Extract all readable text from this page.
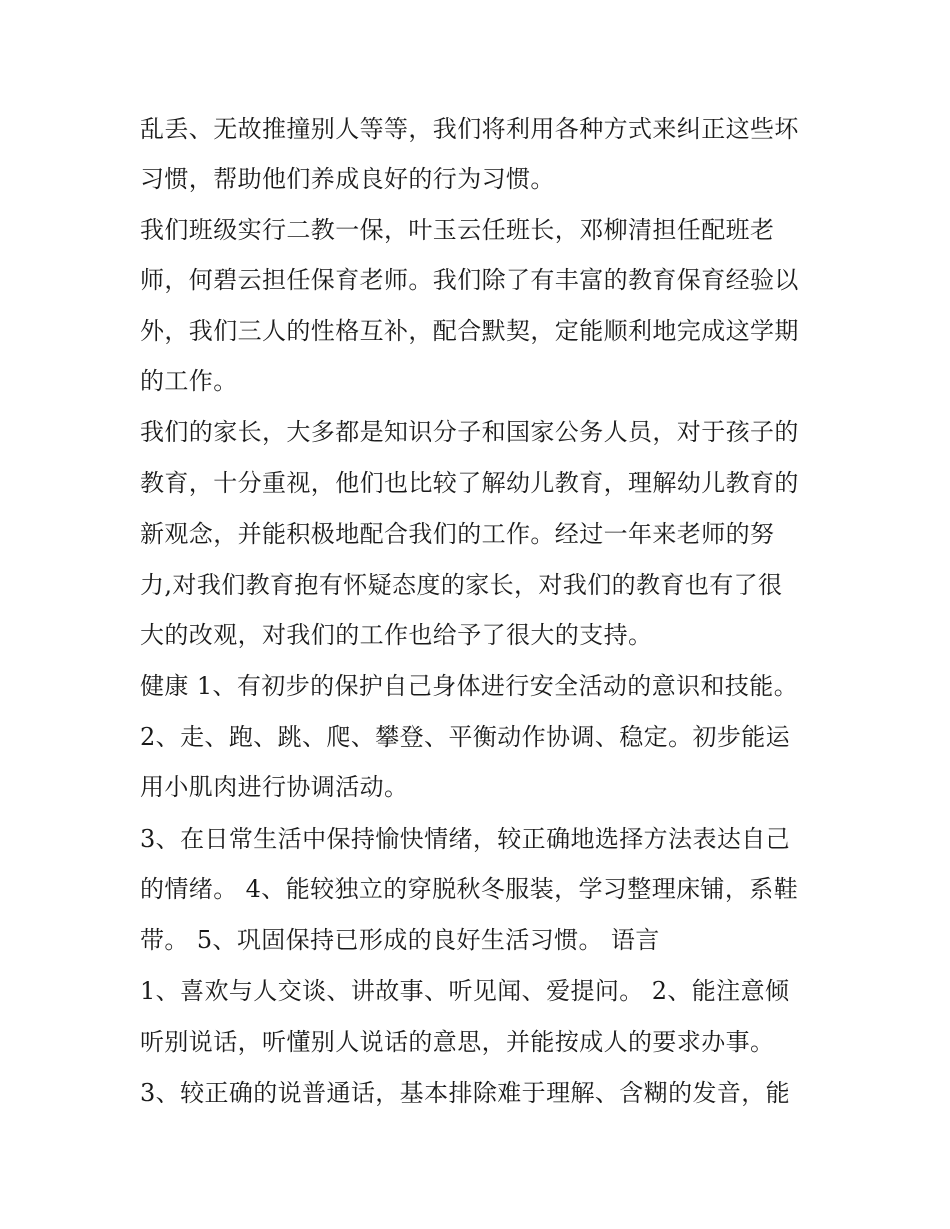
乱丢、无故推撞别人等等，我们将利用各种方式来纠正这些坏
习惯，帮助他们养成良好的行为习惯。
我们班级实行二教一保，叶玉云任班长，邓柳清担任配班老
师，何碧云担任保育老师。我们除了有丰富的教育保育经验以
外，我们三人的性格互补，配合默契，定能顺利地完成这学期
的工作。
我们的家长，大多都是知识分子和国家公务人员，对于孩子的
教育，十分重视，他们也比较了解幼儿教育，理解幼儿教育的
新观念，并能积极地配合我们的工作。经过一年来老师的努
力,对我们教育抱有怀疑态度的家长，对我们的教育也有了很
大的改观，对我们的工作也给予了很大的支持。
健康 1、有初步的保护自己身体进行安全活动的意识和技能。
2、走、跑、跳、爬、攀登、平衡动作协调、稳定。初步能运
用小肌肉进行协调活动。
3、在日常生活中保持愉快情绪，较正确地选择方法表达自己
的情绪。 4、能较独立的穿脱秋冬服装，学习整理床铺，系鞋
带。 5、巩固保持已形成的良好生活习惯。 语言
1、喜欢与人交谈、讲故事、听见闻、爱提问。 2、能注意倾
听别说话，听懂别人说话的意思，并能按成人的要求办事。
3、较正确的说普通话，基本排除难于理解、含糊的发音，能
